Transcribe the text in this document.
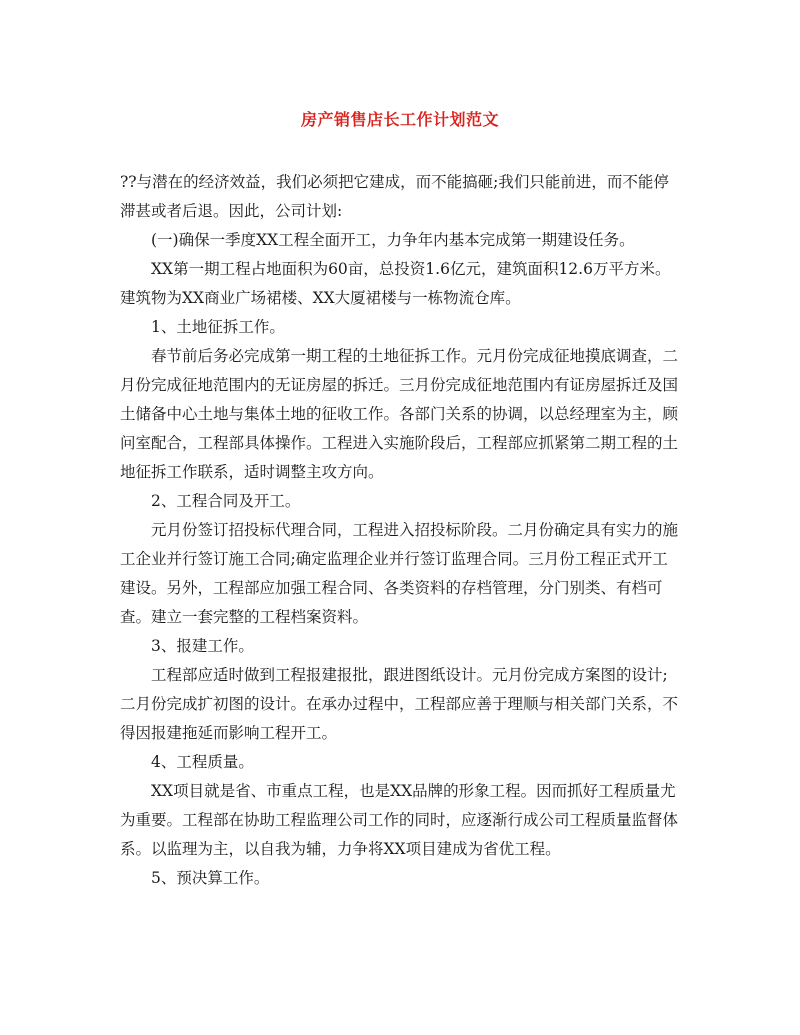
房产销售店长工作计划范文

??与潜在的经济效益，我们必须把它建成，而不能搞砸;我们只能前进，而不能停滞甚或者后退。因此，公司计划:

(一)确保一季度XX工程全面开工，力争年内基本完成第一期建设任务。

XX第一期工程占地面积为60亩，总投资1.6亿元，建筑面积12.6万平方米。建筑物为XX商业广场裙楼、XX大厦裙楼与一栋物流仓库。

1、土地征拆工作。

春节前后务必完成第一期工程的土地征拆工作。元月份完成征地摸底调查，二月份完成征地范围内的无证房屋的拆迁。三月份完成征地范围内有证房屋拆迁及国土储备中心土地与集体土地的征收工作。各部门关系的协调，以总经理室为主，顾问室配合，工程部具体操作。工程进入实施阶段后，工程部应抓紧第二期工程的土地征拆工作联系，适时调整主攻方向。

2、工程合同及开工。

元月份签订招投标代理合同，工程进入招投标阶段。二月份确定具有实力的施工企业并行签订施工合同;确定监理企业并行签订监理合同。三月份工程正式开工建设。另外，工程部应加强工程合同、各类资料的存档管理，分门别类、有档可查。建立一套完整的工程档案资料。

3、报建工作。

工程部应适时做到工程报建报批，跟进图纸设计。元月份完成方案图的设计;二月份完成扩初图的设计。在承办过程中，工程部应善于理顺与相关部门关系，不得因报建拖延而影响工程开工。

4、工程质量。

XX项目就是省、市重点工程，也是XX品牌的形象工程。因而抓好工程质量尤为重要。工程部在协助工程监理公司工作的同时，应逐渐行成公司工程质量监督体系。以监理为主，以自我为辅，力争将XX项目建成为省优工程。

5、预决算工作。
